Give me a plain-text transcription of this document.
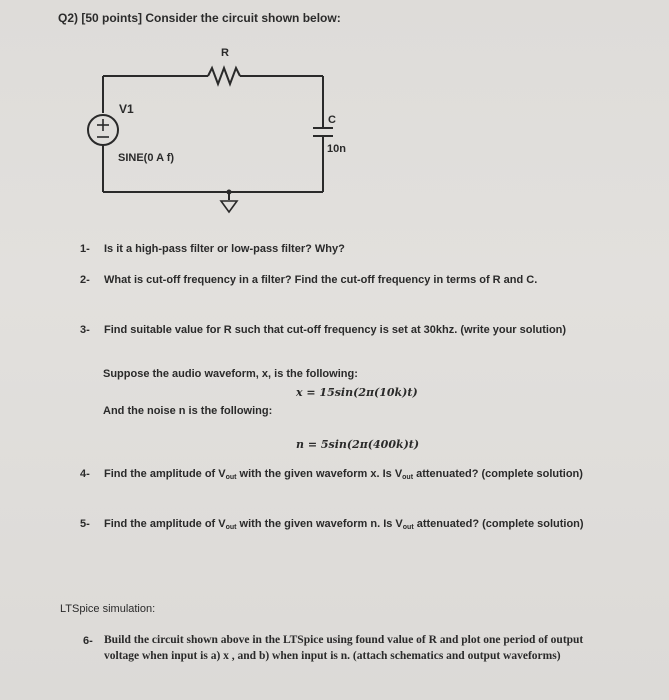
Q2) [50 points] Consider the circuit shown below:
R
V1
SINE(0 A f)
C
10n
1- Is it a high-pass filter or low-pass filter? Why?
2- What is cut-off frequency in a filter? Find the cut-off frequency in terms of R and C.
3- Find suitable value for R such that cut-off frequency is set at 30khz. (write your solution)
Suppose the audio waveform, x, is the following:
x = 15sin(2π(10k)t)
And the noise n is the following:
n = 5sin(2π(400k)t)
4- Find the amplitude of $V_{out}$ with the given waveform x. Is $V_{out}$ attenuated? (complete solution)
5- Find the amplitude of $V_{out}$ with the given waveform n. Is $V_{out}$ attenuated? (complete solution)
LTSpice simulation:
6- Build the circuit shown above in the LTSpice using found value of R and plot one period of output
voltage when input is a) x , and b) when input is n. (attach schematics and output waveforms)
